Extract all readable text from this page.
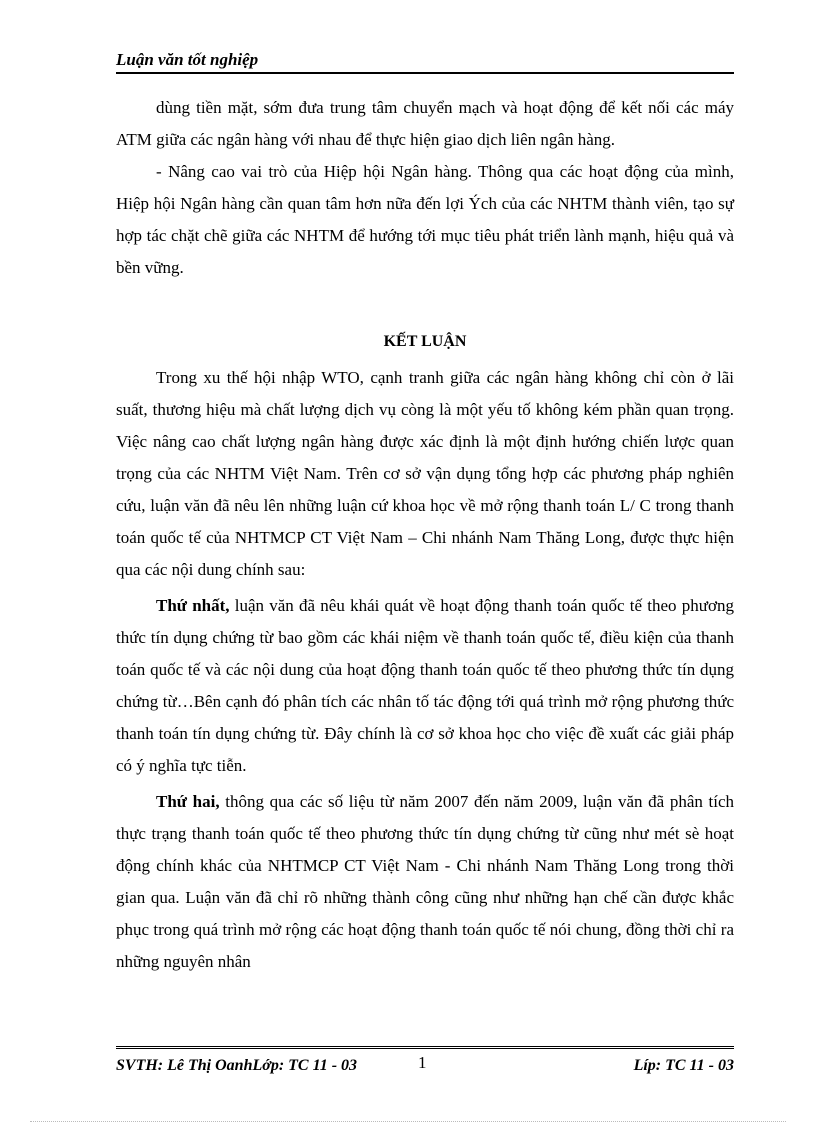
Luận văn tốt nghiệp

dùng tiền mặt, sớm đưa trung tâm chuyển mạch và hoạt động để kết nối các máy ATM giữa các ngân hàng với nhau để thực hiện giao dịch liên ngân hàng.

- Nâng cao vai trò của Hiệp hội Ngân hàng. Thông qua các hoạt động của mình, Hiệp hội Ngân hàng cần quan tâm hơn nữa đến lợi Ých của các NHTM thành viên, tạo sự hợp tác chặt chẽ giữa các NHTM để hướng tới mục tiêu phát triển lành mạnh, hiệu quả và bền vững.

KẾT LUẬN

Trong xu thế hội nhập WTO, cạnh tranh giữa các ngân hàng không chỉ còn ở lãi suất, thương hiệu mà chất lượng dịch vụ còng là một yếu tố không kém phần quan trọng. Việc nâng cao chất lượng ngân hàng được xác định là một định hướng chiến lược quan trọng của các NHTM Việt Nam. Trên cơ sở vận dụng tổng hợp các phương pháp nghiên cứu, luận văn đã nêu lên những luận cứ khoa học về mở rộng thanh toán L/ C trong thanh toán quốc tế của NHTMCP CT Việt Nam – Chi nhánh Nam Thăng Long, được thực hiện qua các nội dung chính sau:

Thứ nhất, luận văn đã nêu khái quát về hoạt động thanh toán quốc tế theo phương thức tín dụng chứng từ bao gồm các khái niệm về thanh toán quốc tế, điều kiện của thanh toán quốc tế và các nội dung của hoạt động thanh toán quốc tế theo phương thức tín dụng chứng từ…Bên cạnh đó phân tích các nhân tố tác động tới quá trình mở rộng phương thức thanh toán tín dụng chứng từ. Đây chính là cơ sở khoa học cho việc đề xuất các giải pháp có ý nghĩa tực tiễn.

Thứ hai, thông qua các số liệu từ năm 2007 đến năm 2009, luận văn đã phân tích thực trạng thanh toán quốc tế theo phương thức tín dụng chứng từ cũng như mét sè hoạt động chính khác của NHTMCP CT Việt Nam - Chi nhánh Nam Thăng Long trong thời gian qua. Luận văn đã chỉ rõ những thành công cũng như những hạn chế cần được khắc phục trong quá trình mở rộng các hoạt động thanh toán quốc tế nói chung, đồng thời chỉ ra những nguyên nhân

SVTH: Lê Thị OanhLớp: TC 11 - 03	1	Líp: TC 11 - 03
